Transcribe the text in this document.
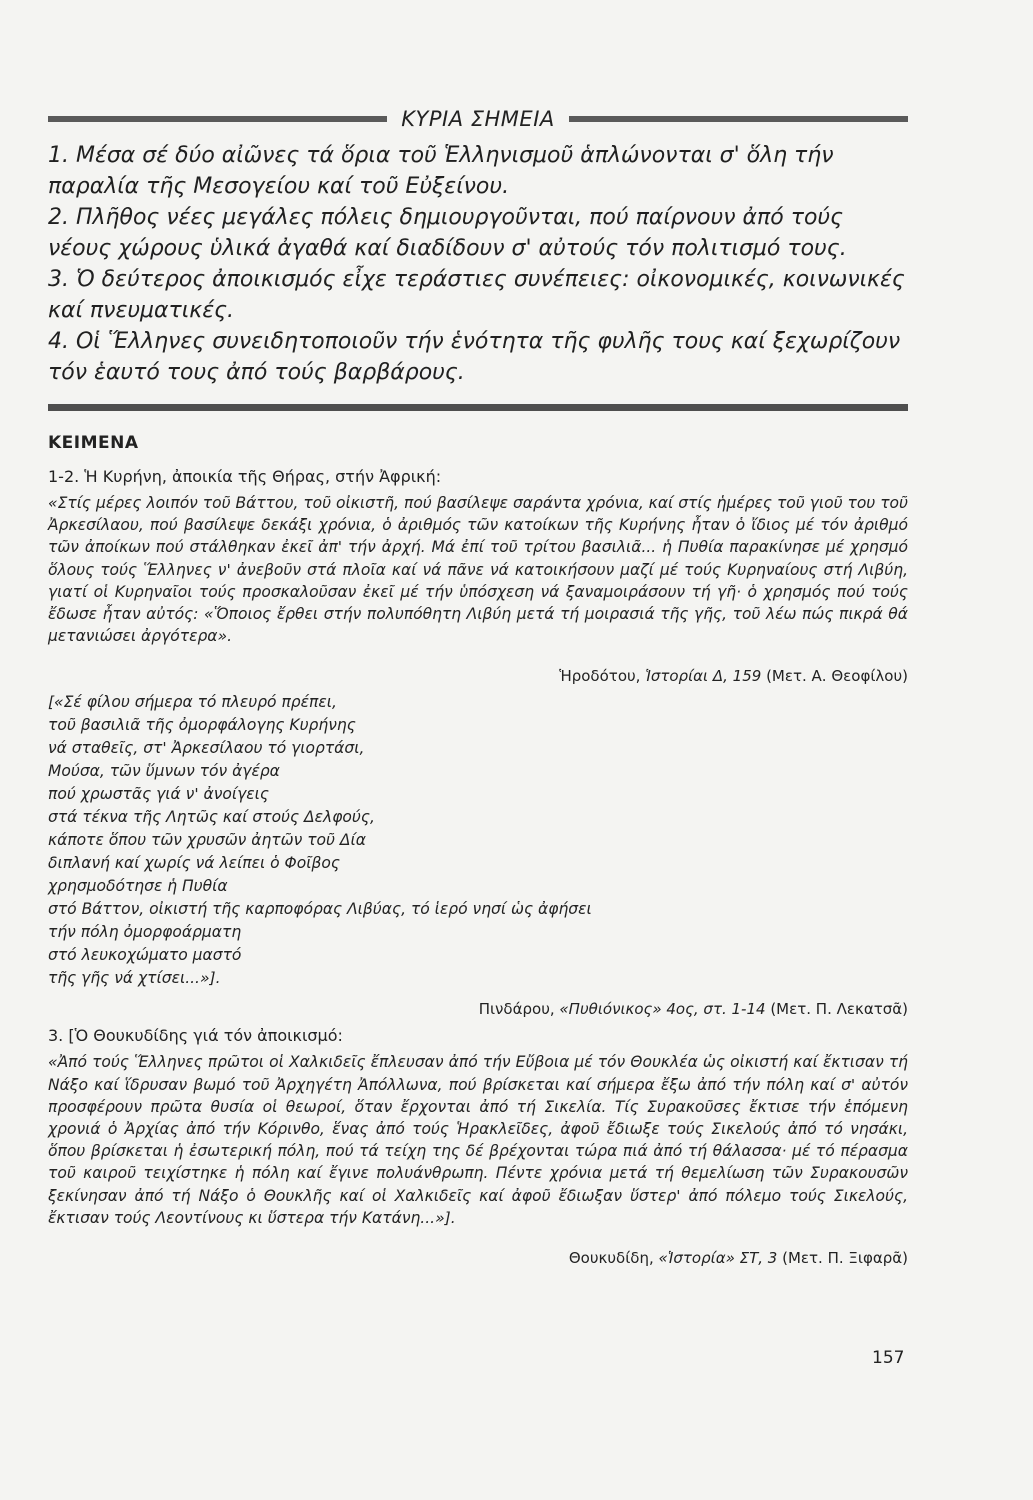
ΚΥΡΙΑ ΣΗΜΕΙΑ
1. Μέσα σέ δύο αἰῶνες τά ὅρια τοῦ Ἑλληνισμοῦ ἁπλώνονται σ' ὅλη τήν παραλία τῆς Μεσογείου καί τοῦ Εὐξείνου.
2. Πλῆθος νέες μεγάλες πόλεις δημιουργοῦνται, πού παίρνουν ἀπό τούς νέους χώρους ὑλικά ἀγαθά καί διαδίδουν σ' αὐτούς τόν πολιτισμό τους.
3. Ὁ δεύτερος ἀποικισμός εἶχε τεράστιες συνέπειες: οἰκονομικές, κοινωνικές καί πνευματικές.
4. Οἱ Ἕλληνες συνειδητοποιοῦν τήν ἑνότητα τῆς φυλῆς τους καί ξεχωρίζουν τόν ἑαυτό τους ἀπό τούς βαρβάρους.
ΚΕΙΜΕΝΑ
1-2. Ἡ Κυρήνη, ἀποικία τῆς Θήρας, στήν Ἀφρική:
«Στίς μέρες λοιπόν τοῦ Βάττου, τοῦ οἰκιστῆ, πού βασίλεψε σαράντα χρόνια, καί στίς ἡμέρες τοῦ γιοῦ του τοῦ Ἀρκεσίλαου, πού βασίλεψε δεκάξι χρόνια, ὁ ἀριθμός τῶν κατοίκων τῆς Κυρήνης ἦταν ὁ ἴδιος μέ τόν ἀριθμό τῶν ἀποίκων πού στάλθηκαν ἐκεῖ ἀπ' τήν ἀρχή. Μά ἐπί τοῦ τρίτου βασιλιᾶ... ἡ Πυθία παρακίνησε μέ χρησμό ὅλους τούς Ἕλληνες ν' ἀνεβοῦν στά πλοῖα καί νά πᾶνε νά κατοικήσουν μαζί μέ τούς Κυρηναίους στή Λιβύη, γιατί οἱ Κυρηναῖοι τούς προσκαλοῦσαν ἐκεῖ μέ τήν ὑπόσχεση νά ξαναμοιράσουν τή γῆ· ὁ χρησμός πού τούς ἔδωσε ἦταν αὐτός: «Ὅποιος ἔρθει στήν πολυπόθητη Λιβύη μετά τή μοιρασιά τῆς γῆς, τοῦ λέω πώς πικρά θά μετανιώσει ἀργότερα».
Ἡροδότου, Ἱστορίαι Δ, 159 (Μετ. Α. Θεοφίλου)
[«Σέ φίλου σήμερα τό πλευρό πρέπει,
τοῦ βασιλιᾶ τῆς ὀμορφάλογης Κυρήνης
νά σταθεῖς, στ' Ἀρκεσίλαου τό γιορτάσι,
Μούσα, τῶν ὕμνων τόν ἀγέρα
πού χρωστᾶς γιά ν' ἀνοίγεις
στά τέκνα τῆς Λητῶς καί στούς Δελφούς,
κάποτε ὅπου τῶν χρυσῶν ἀητῶν τοῦ Δία
διπλανή καί χωρίς νά λείπει ὁ Φοῖβος
χρησμοδότησε ἡ Πυθία
στό Βάττον, οἰκιστή τῆς καρποφόρας Λιβύας, τό ἱερό νησί ὡς ἀφήσει
τήν πόλη ὀμορφοάρματη
στό λευκοχώματο μαστό
τῆς γῆς νά χτίσει...»].
Πινδάρου, «Πυθιόνικος» 4ος, στ. 1-14 (Μετ. Π. Λεκατσᾶ)
3. [Ὁ Θουκυδίδης γιά τόν ἀποικισμό:
«Ἀπό τούς Ἕλληνες πρῶτοι οἱ Χαλκιδεῖς ἔπλευσαν ἀπό τήν Εὔβοια μέ τόν Θουκλέα ὡς οἰκιστή καί ἔκτισαν τή Νάξο καί ἵδρυσαν βωμό τοῦ Ἀρχηγέτη Ἀπόλλωνα, πού βρίσκεται καί σήμερα ἔξω ἀπό τήν πόλη καί σ' αὐτόν προσφέρουν πρῶτα θυσία οἱ θεωροί, ὅταν ἔρχονται ἀπό τή Σικελία. Τίς Συρακοῦσες ἔκτισε τήν ἑπόμενη χρονιά ὁ Ἀρχίας ἀπό τήν Κόρινθο, ἕνας ἀπό τούς Ἡρακλεῖδες, ἀφοῦ ἔδιωξε τούς Σικελούς ἀπό τό νησάκι, ὅπου βρίσκεται ἡ ἐσωτερική πόλη, πού τά τείχη της δέ βρέχονται τώρα πιά ἀπό τή θάλασσα· μέ τό πέρασμα τοῦ καιροῦ τειχίστηκε ἡ πόλη καί ἔγινε πολυάνθρωπη. Πέντε χρόνια μετά τή θεμελίωση τῶν Συρακουσῶν ξεκίνησαν ἀπό τή Νάξο ὁ Θουκλῆς καί οἱ Χαλκιδεῖς καί ἀφοῦ ἔδιωξαν ὕστερ' ἀπό πόλεμο τούς Σικελούς, ἔκτισαν τούς Λεοντίνους κι ὕστερα τήν Κατάνη...»].
Θουκυδίδη, «Ἱστορία» ΣΤ, 3 (Μετ. Π. Ξιφαρᾶ)
157
